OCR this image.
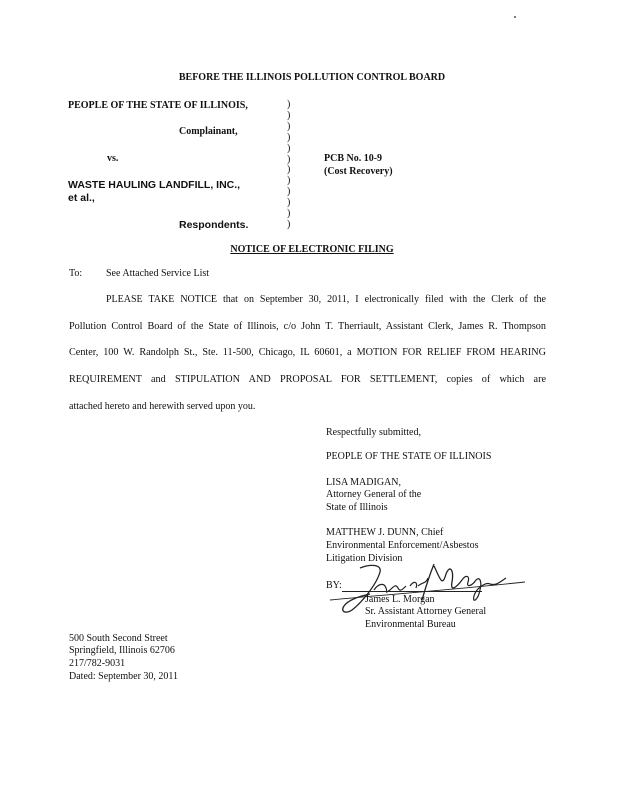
BEFORE THE ILLINOIS POLLUTION CONTROL BOARD
PEOPLE OF THE STATE OF ILLINOIS,
Complainant,
vs.
WASTE HAULING LANDFILL, INC.,
et al.,
Respondents.
)
)
)
)
)
)
)
)
)
)
)
)
PCB No. 10-9
(Cost Recovery)
NOTICE OF ELECTRONIC FILING
To: See Attached Service List
PLEASE TAKE NOTICE that on September 30, 2011, I electronically filed with the Clerk of the
Pollution Control Board of the State of Illinois, c/o John T. Therriault, Assistant Clerk, James R. Thompson
Center, 100 W. Randolph St., Ste. 11-500, Chicago, IL 60601, a MOTION FOR RELIEF FROM HEARING
REQUIREMENT and STIPULATION AND PROPOSAL FOR SETTLEMENT, copies of which are
attached hereto and herewith served upon you.
Respectfully submitted,
PEOPLE OF THE STATE OF ILLINOIS
LISA MADIGAN,
Attorney General of the
State of Illinois
MATTHEW J. DUNN, Chief
Environmental Enforcement/Asbestos
Litigation Division
BY:
James L. Morgan
Sr. Assistant Attorney General
Environmental Bureau
500 South Second Street
Springfield, Illinois 62706
217/782-9031
Dated: September 30, 2011
